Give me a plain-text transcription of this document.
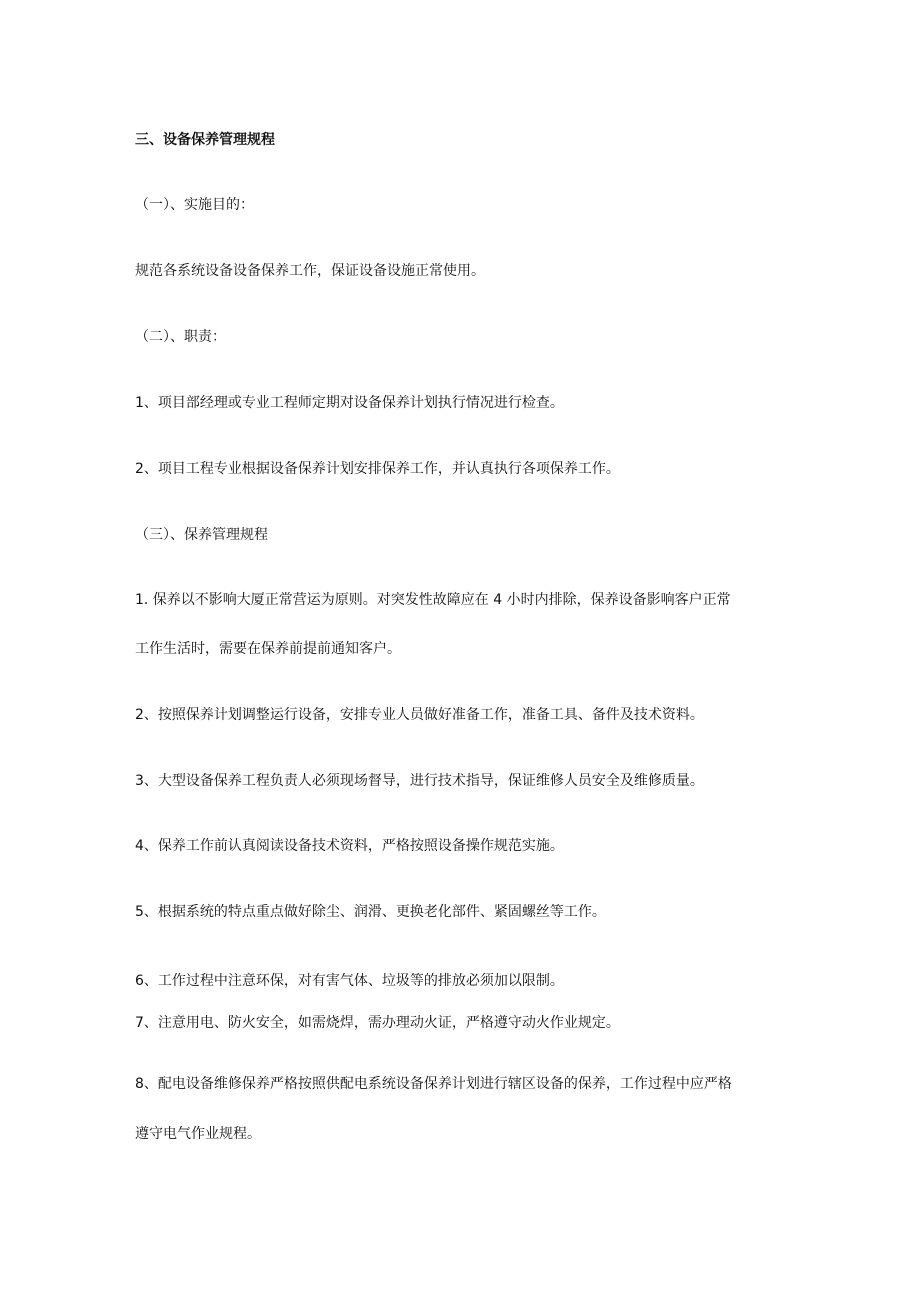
三、设备保养管理规程
（一）、实施目的：
规范各系统设备设备保养工作，保证设备设施正常使用。
（二）、职责：
1、项目部经理或专业工程师定期对设备保养计划执行情况进行检查。
2、项目工程专业根据设备保养计划安排保养工作，并认真执行各项保养工作。
（三）、保养管理规程
1. 保养以不影响大厦正常营运为原则。对突发性故障应在 4 小时内排除，保养设备影响客户正常
工作生活时，需要在保养前提前通知客户。
2、按照保养计划调整运行设备，安排专业人员做好准备工作，准备工具、备件及技术资料。
3、大型设备保养工程负责人必须现场督导，进行技术指导，保证维修人员安全及维修质量。
4、保养工作前认真阅读设备技术资料，严格按照设备操作规范实施。
5、根据系统的特点重点做好除尘、润滑、更换老化部件、紧固螺丝等工作。
6、工作过程中注意环保，对有害气体、垃圾等的排放必须加以限制。
7、注意用电、防火安全，如需烧焊，需办理动火证，严格遵守动火作业规定。
8、配电设备维修保养严格按照供配电系统设备保养计划进行辖区设备的保养，工作过程中应严格
遵守电气作业规程。
